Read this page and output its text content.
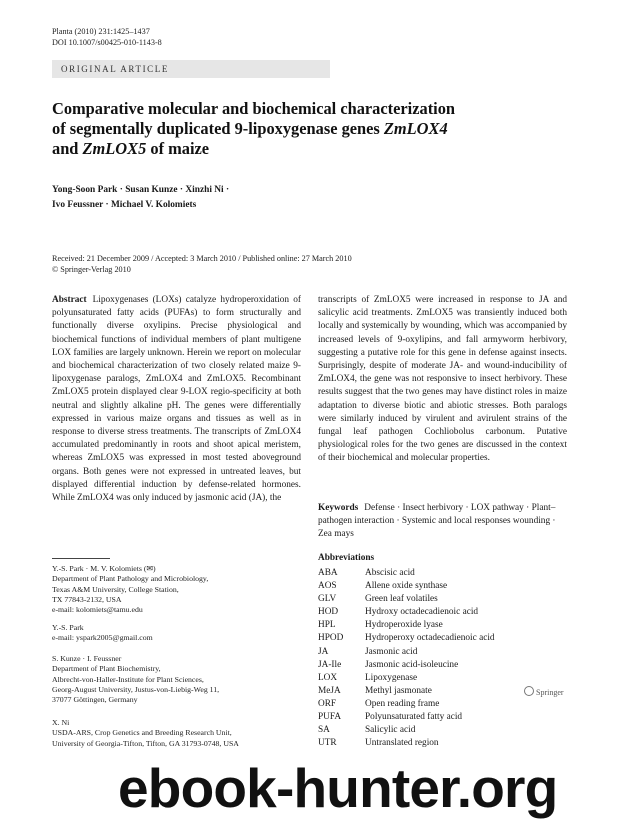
Planta (2010) 231:1425–1437
DOI 10.1007/s00425-010-1143-8
ORIGINAL ARTICLE
Comparative molecular and biochemical characterization
of segmentally duplicated 9-lipoxygenase genes ZmLOX4
and ZmLOX5 of maize
Yong-Soon Park · Susan Kunze · Xinzhi Ni ·
Ivo Feussner · Michael V. Kolomiets
Received: 21 December 2009 / Accepted: 3 March 2010 / Published online: 27 March 2010
© Springer-Verlag 2010
Abstract Lipoxygenases (LOXs) catalyze hydroperoxidation of polyunsaturated fatty acids (PUFAs) to form structurally and functionally diverse oxylipins. Precise physiological and biochemical functions of individual members of plant multigene LOX families are largely unknown. Herein we report on molecular and biochemical characterization of two closely related maize 9-lipoxygenase paralogs, ZmLOX4 and ZmLOX5. Recombinant ZmLOX5 protein displayed clear 9-LOX regio-specificity at both neutral and slightly alkaline pH. The genes were differentially expressed in various maize organs and tissues as well as in response to diverse stress treatments. The transcripts of ZmLOX4 accumulated predominantly in roots and shoot apical meristem, whereas ZmLOX5 was expressed in most tested aboveground organs. Both genes were not expressed in untreated leaves, but displayed differential induction by defense-related hormones. While ZmLOX4 was only induced by jasmonic acid (JA), the
Y.-S. Park · M. V. Kolomiets (✉)
Department of Plant Pathology and Microbiology,
Texas A&M University, College Station,
TX 77843-2132, USA
e-mail: kolomiets@tamu.edu
Y.-S. Park
e-mail: yspark2005@gmail.com
S. Kunze · I. Feussner
Department of Plant Biochemistry,
Albrecht-von-Haller-Institute for Plant Sciences,
Georg-August University, Justus-von-Liebig-Weg 11,
37077 Göttingen, Germany
X. Ni
USDA-ARS, Crop Genetics and Breeding Research Unit,
University of Georgia-Tifton, Tifton, GA 31793-0748, USA
transcripts of ZmLOX5 were increased in response to JA and salicylic acid treatments. ZmLOX5 was transiently induced both locally and systemically by wounding, which was accompanied by increased levels of 9-oxylipins, and fall armyworm herbivory, suggesting a putative role for this gene in defense against insects. Surprisingly, despite of moderate JA- and wound-inducibility of ZmLOX4, the gene was not responsive to insect herbivory. These results suggest that the two genes may have distinct roles in maize adaptation to diverse biotic and abiotic stresses. Both paralogs were similarly induced by virulent and avirulent strains of the fungal leaf pathogen Cochliobolus carbonum. Putative physiological roles for the two genes are discussed in the context of their biochemical and molecular properties.
Keywords Defense · Insect herbivory · LOX pathway · Plant–pathogen interaction · Systemic and local responses wounding · Zea mays
Abbreviations
ABA	Abscisic acid
AOS	Allene oxide synthase
GLV	Green leaf volatiles
HOD	Hydroxy octadecadienoic acid
HPL	Hydroperoxide lyase
HPOD	Hydroperoxy octadecadienoic acid
JA	Jasmonic acid
JA-Ile	Jasmonic acid-isoleucine
LOX	Lipoxygenase
MeJA	Methyl jasmonate
ORF	Open reading frame
PUFA	Polyunsaturated fatty acid
SA	Salicylic acid
UTR	Untranslated region
Springer
ebook-hunter.org
